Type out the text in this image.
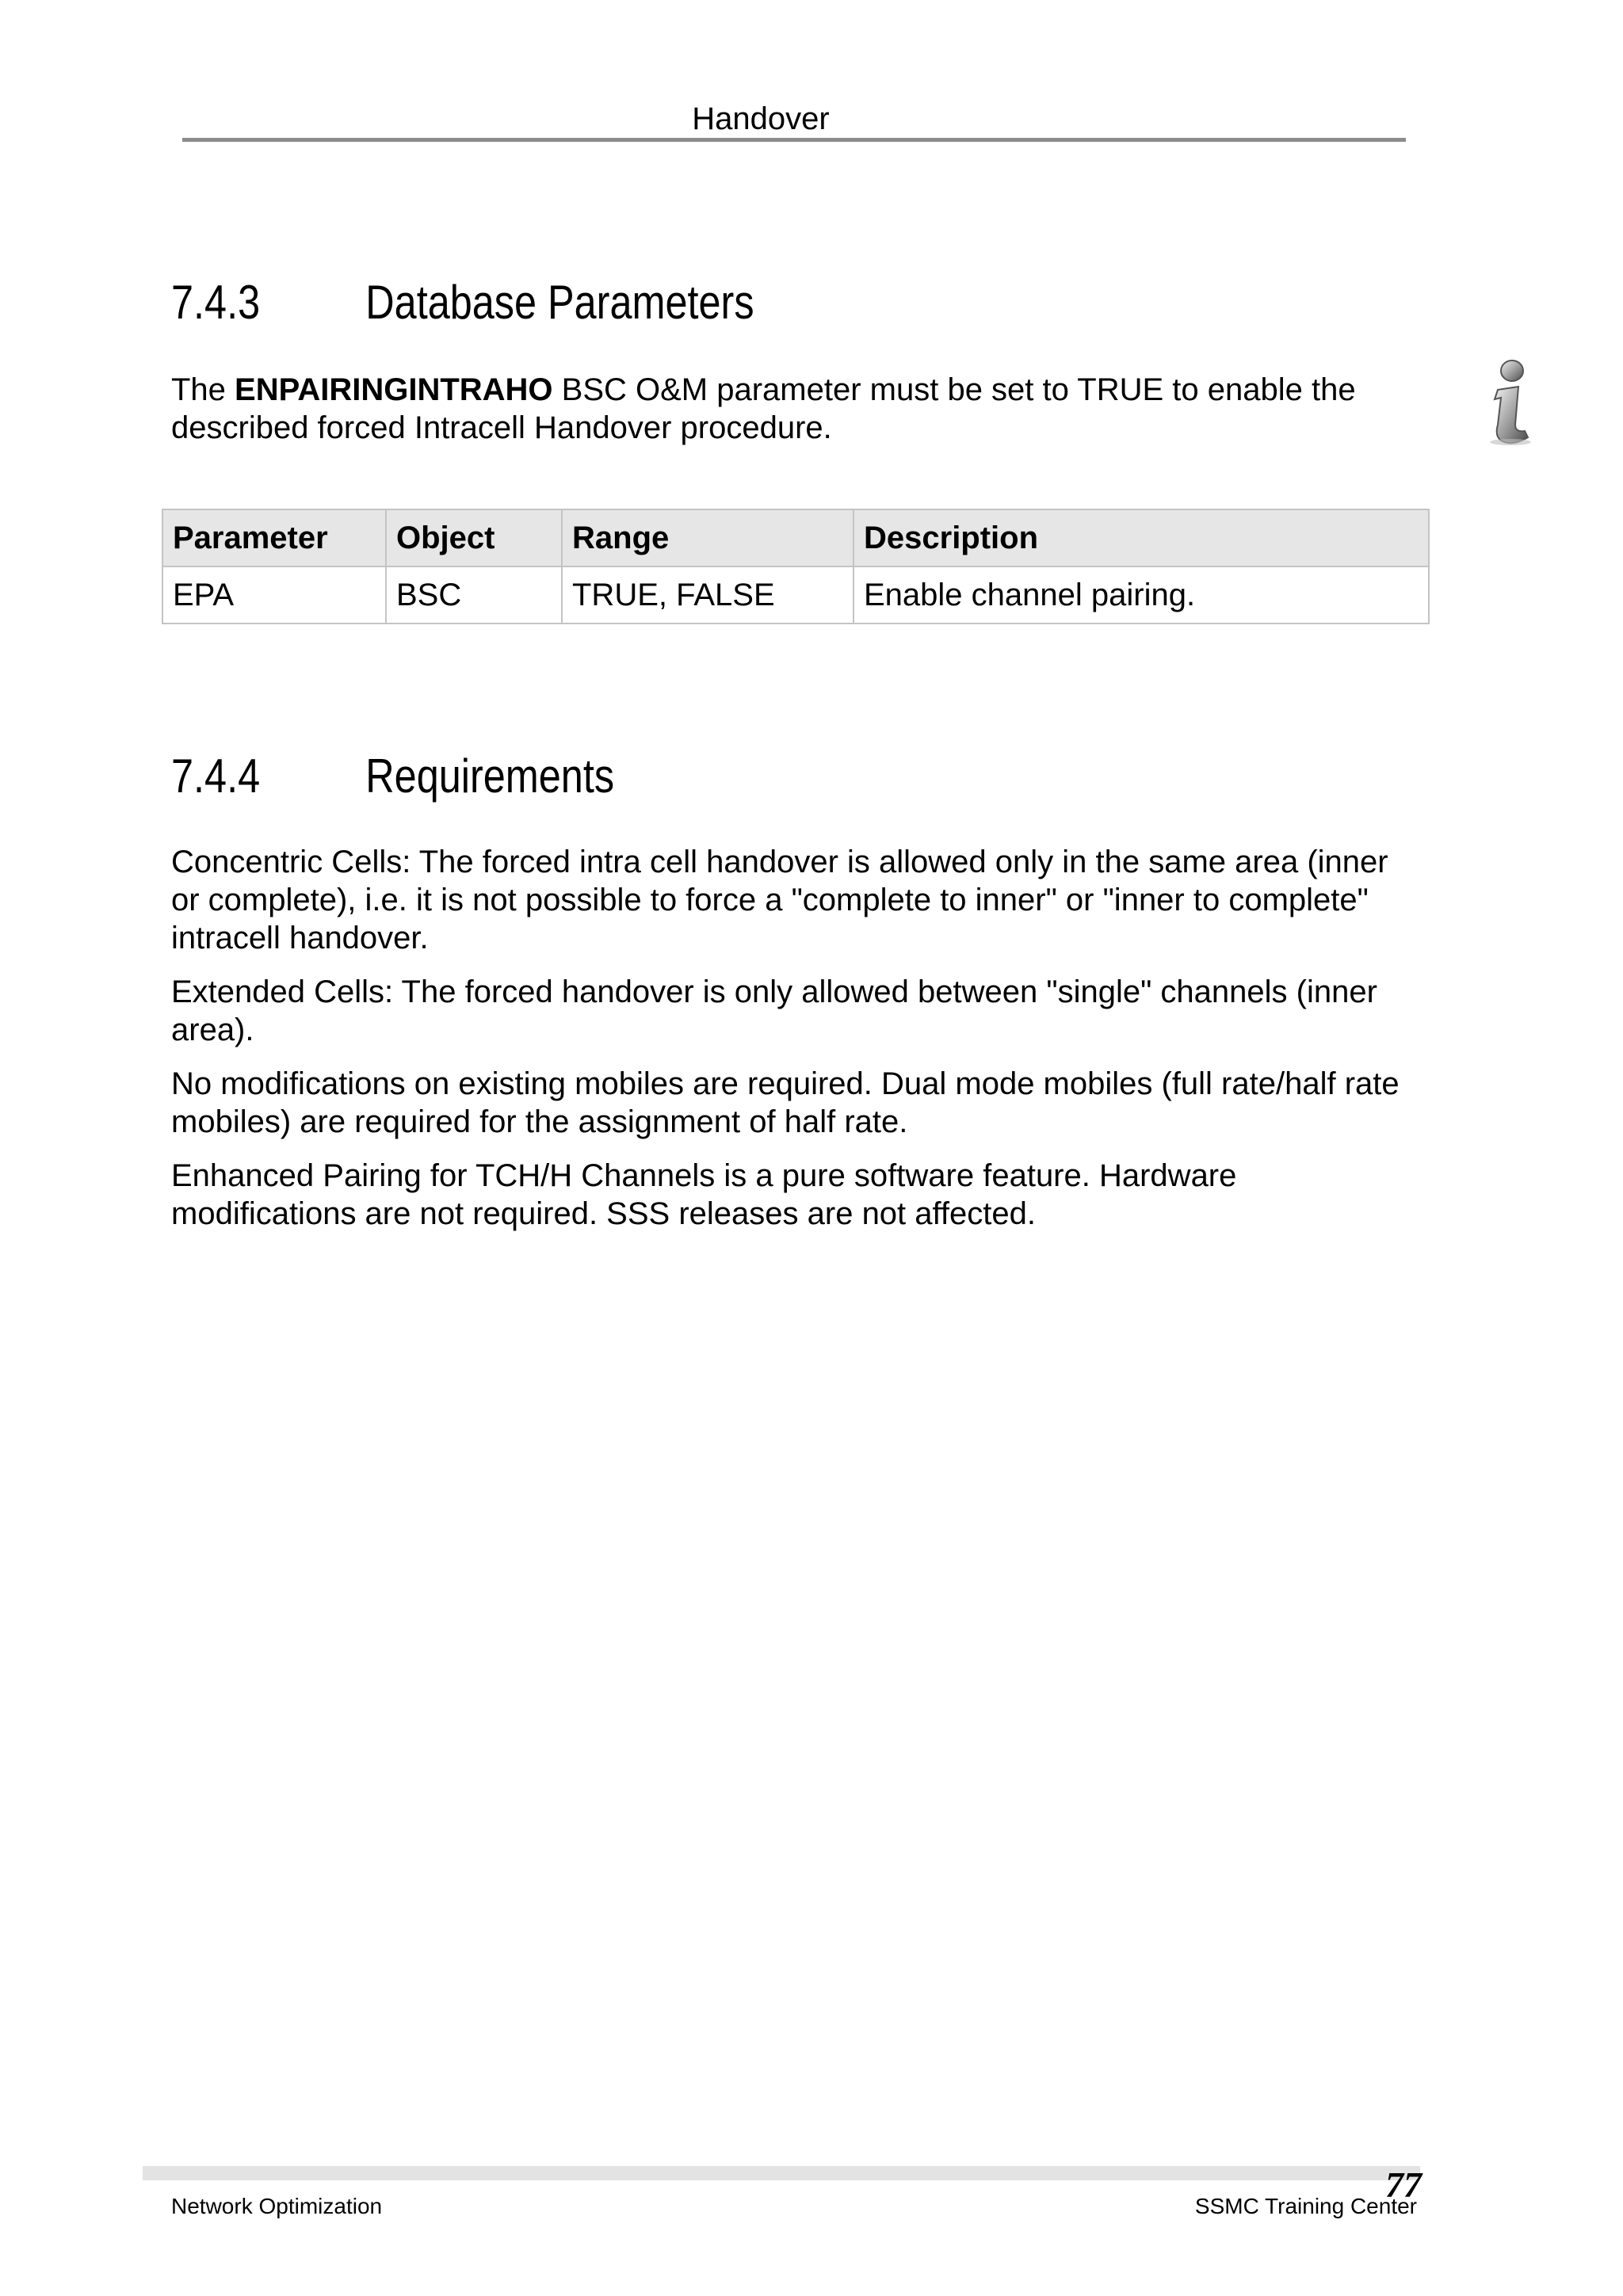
Handover
7.4.3 Database Parameters
The ENPAIRINGINTRAHO BSC O&M parameter must be set to TRUE to enable the described forced Intracell Handover procedure.
Parameter	Object	Range	Description
EPA	BSC	TRUE, FALSE	Enable channel pairing.
7.4.4 Requirements
Concentric Cells: The forced intra cell handover is allowed only in the same area (inner or complete), i.e. it is not possible to force a "complete to inner" or "inner to complete" intracell handover.
Extended Cells: The forced handover is only allowed between "single" channels (inner area).
No modifications on existing mobiles are required. Dual mode mobiles (full rate/half rate mobiles) are required for the assignment of half rate.
Enhanced Pairing for TCH/H Channels is a pure software feature. Hardware modifications are not required. SSS releases are not affected.
77
Network Optimization	SSMC Training Center
